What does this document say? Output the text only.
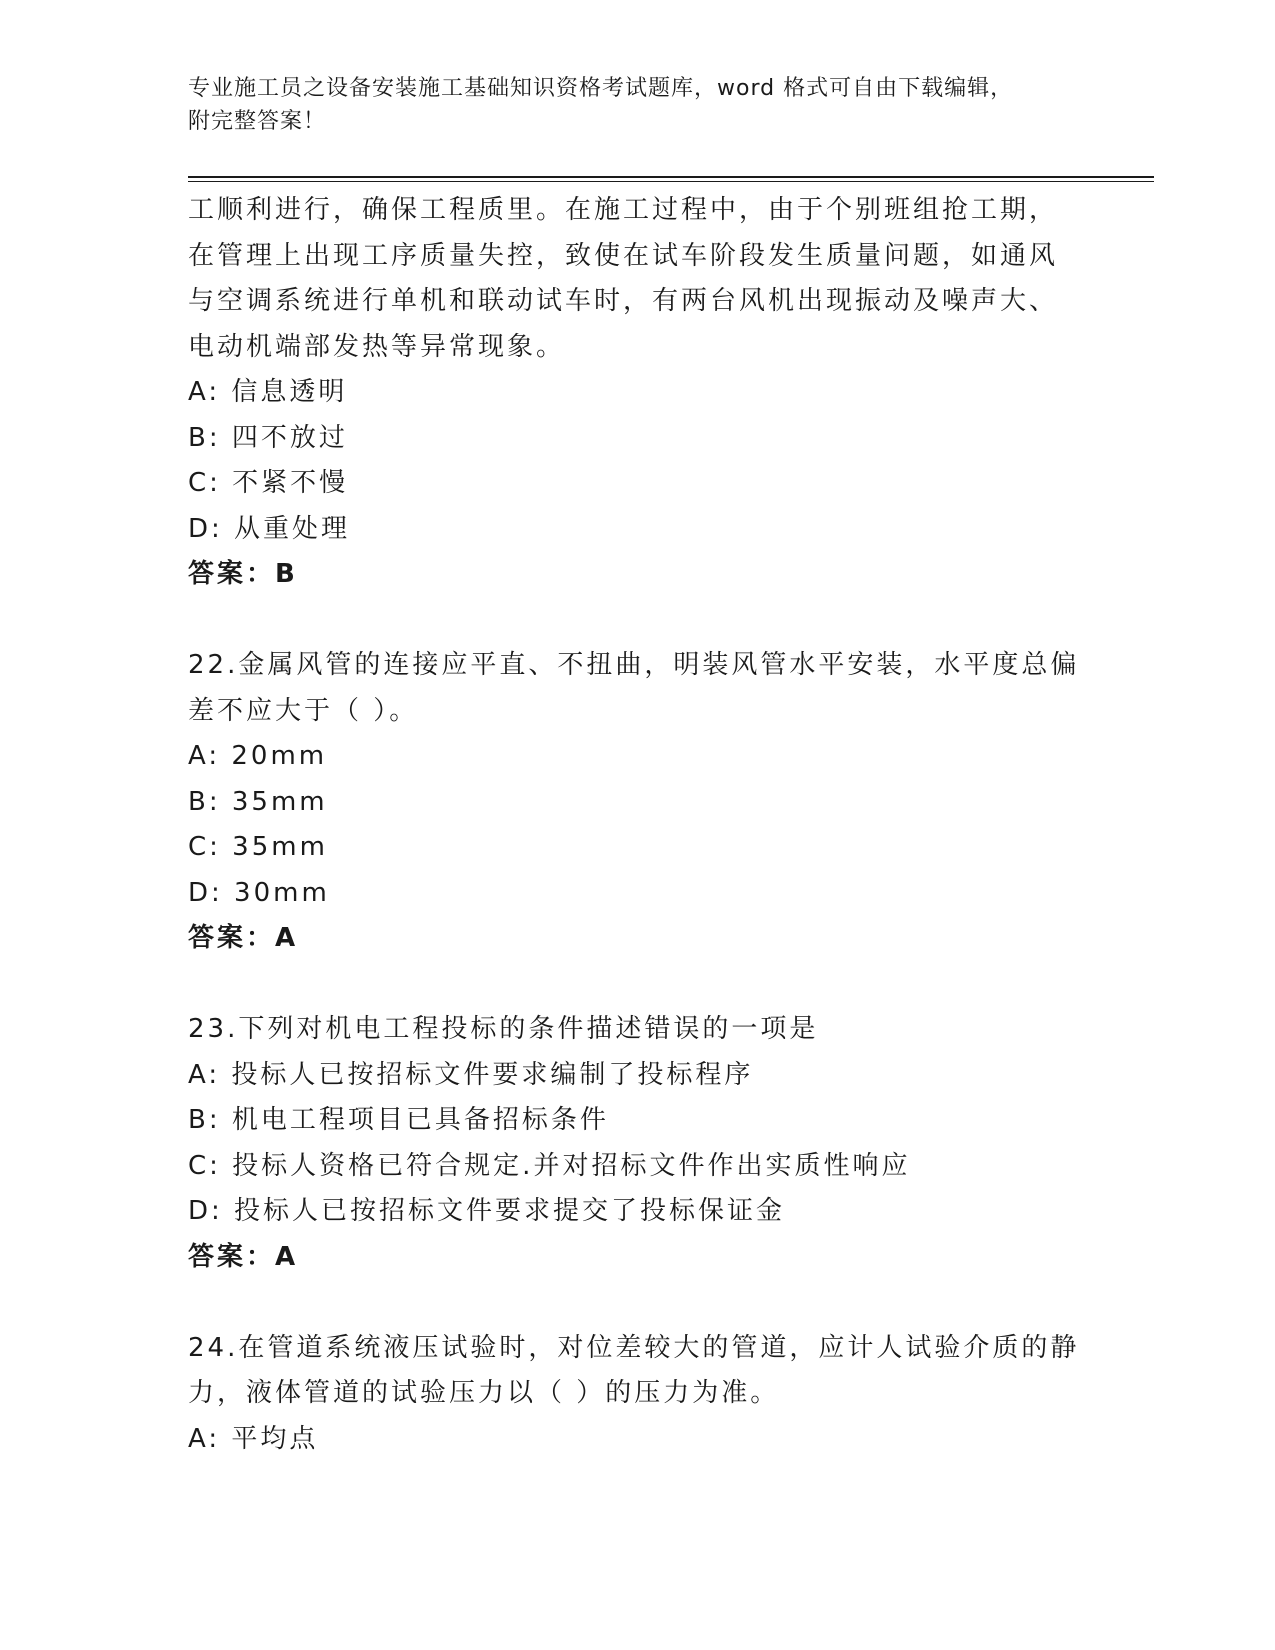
专业施工员之设备安装施工基础知识资格考试题库，word 格式可自由下载编辑，
附完整答案！
工顺利进行，确保工程质里。在施工过程中，由于个别班组抢工期，
在管理上出现工序质量失控，致使在试车阶段发生质量问题，如通风
与空调系统进行单机和联动试车时，有两台风机出现振动及噪声大、
电动机端部发热等异常现象。
A: 信息透明
B: 四不放过
C: 不紧不慢
D: 从重处理
答案：B
22.金属风管的连接应平直、不扭曲，明装风管水平安装，水平度总偏
差不应大于（ ）。
A: 20mm
B: 35mm
C: 35mm
D: 30mm
答案：A
23.下列对机电工程投标的条件描述错误的一项是
A: 投标人已按招标文件要求编制了投标程序
B: 机电工程项目已具备招标条件
C: 投标人资格已符合规定.并对招标文件作出实质性响应
D: 投标人已按招标文件要求提交了投标保证金
答案：A
24.在管道系统液压试验时，对位差较大的管道，应计人试验介质的静
力，液体管道的试验压力以（ ）的压力为准。
A: 平均点
